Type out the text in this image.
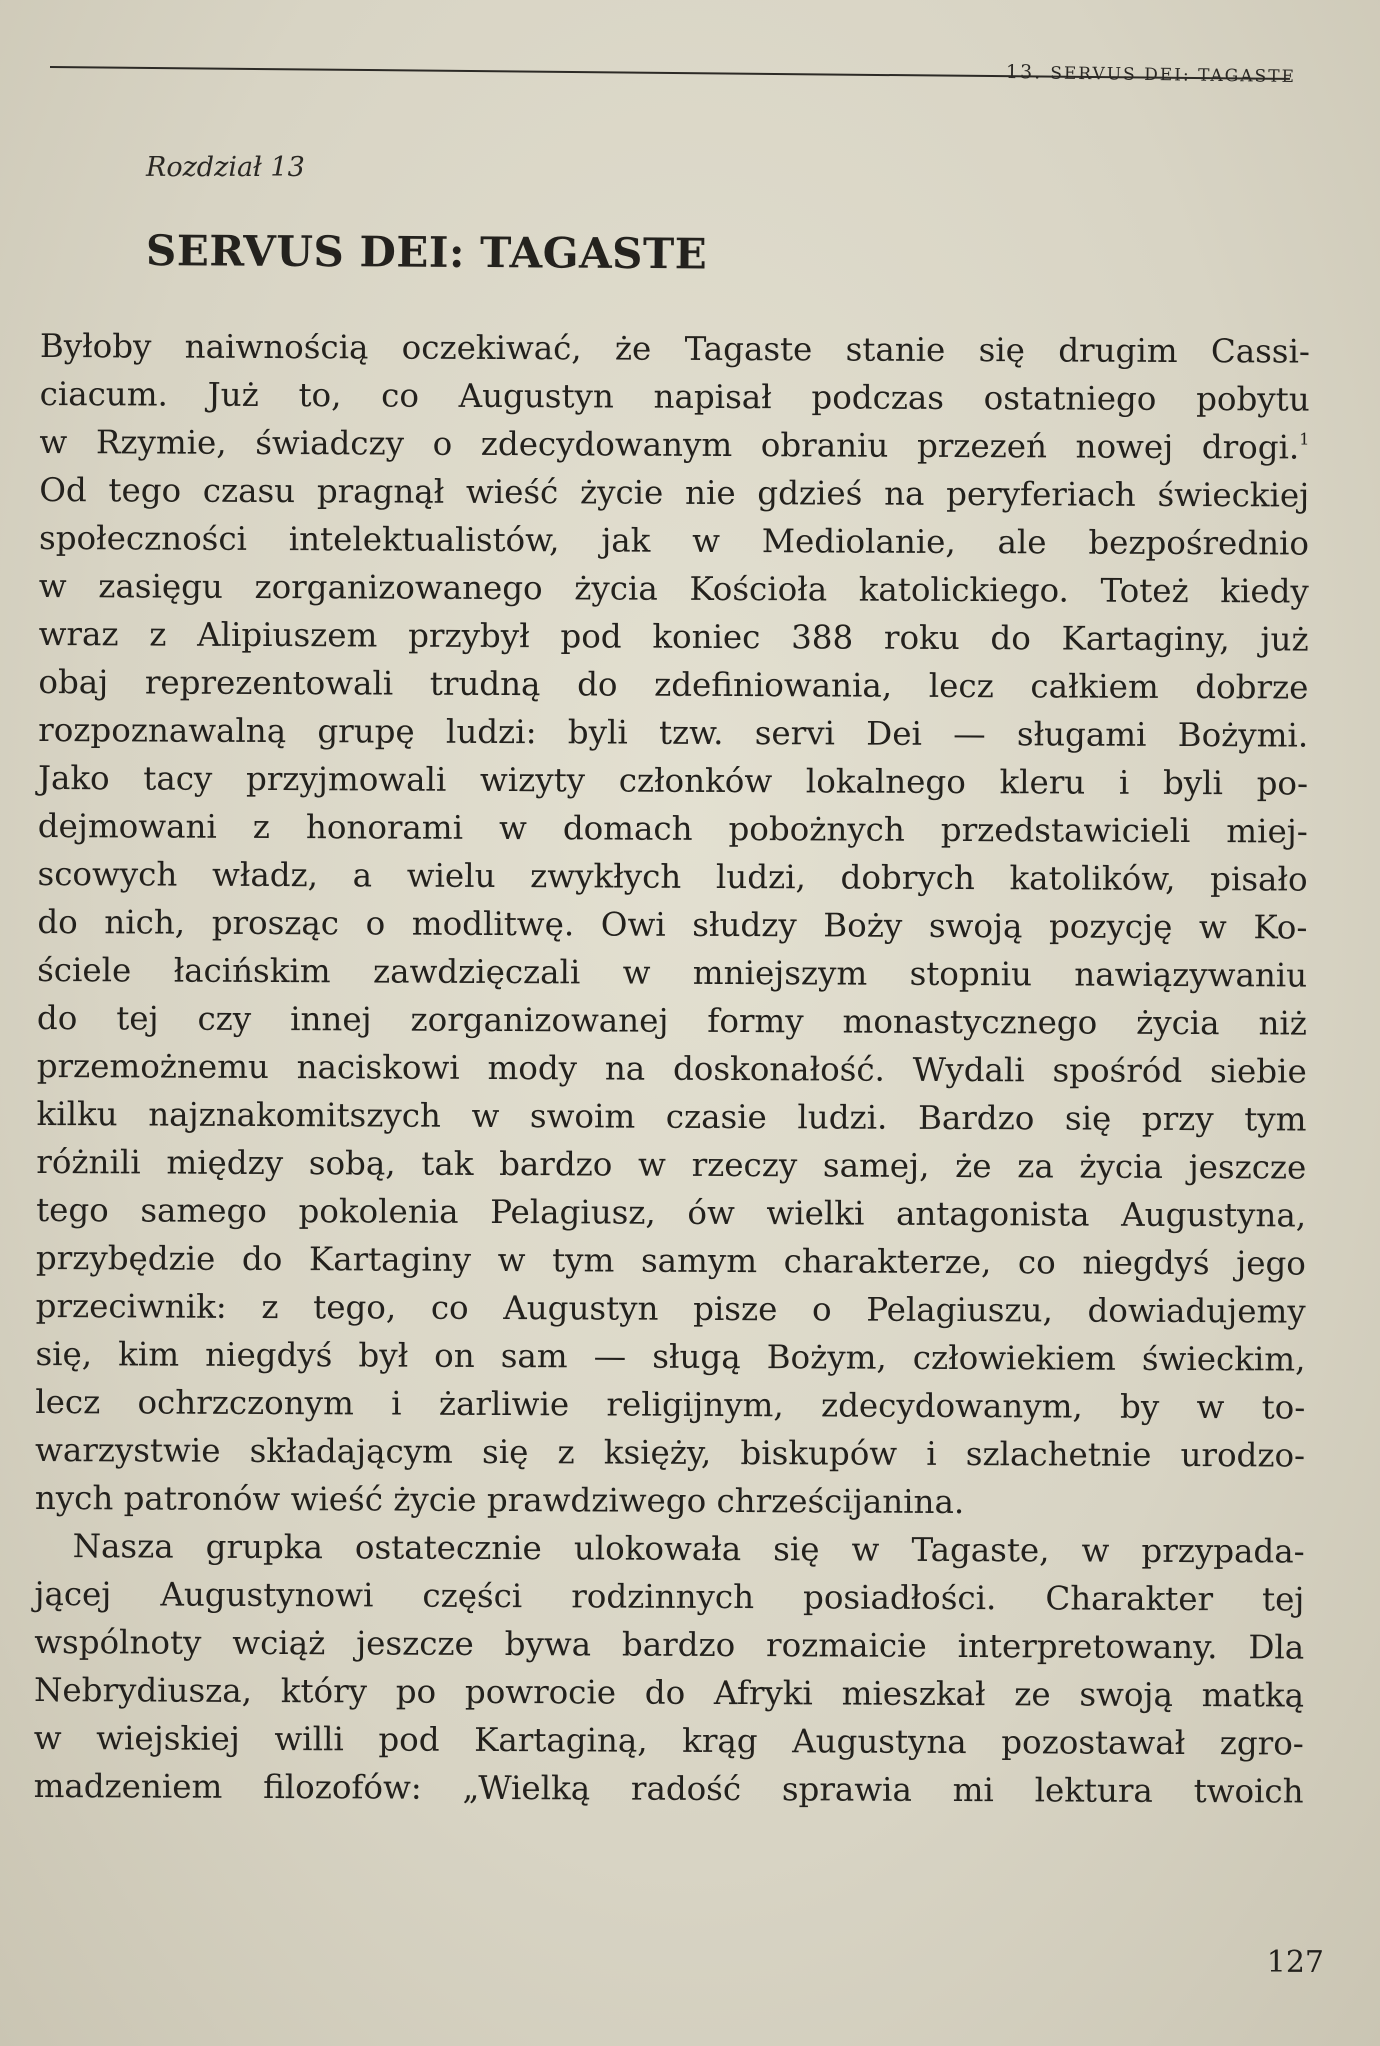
13. SERVUS DEI: TAGASTE
Rozdział 13
SERVUS DEI: TAGASTE
Byłoby naiwnością oczekiwać, że Tagaste stanie się drugim Cassi-
ciacum. Już to, co Augustyn napisał podczas ostatniego pobytu
w Rzymie, świadczy o zdecydowanym obraniu przezeń nowej drogi.$^1$
Od tego czasu pragnął wieść życie nie gdzieś na peryferiach świeckiej
społeczności intelektualistów, jak w Mediolanie, ale bezpośrednio
w zasięgu zorganizowanego życia Kościoła katolickiego. Toteż kiedy
wraz z Alipiuszem przybył pod koniec 388 roku do Kartaginy, już
obaj reprezentowali trudną do zdefiniowania, lecz całkiem dobrze
rozpoznawalną grupę ludzi: byli tzw. servi Dei — sługami Bożymi.
Jako tacy przyjmowali wizyty członków lokalnego kleru i byli po-
dejmowani z honorami w domach pobożnych przedstawicieli miej-
scowych władz, a wielu zwykłych ludzi, dobrych katolików, pisało
do nich, prosząc o modlitwę. Owi słudzy Boży swoją pozycję w Ko-
ściele łacińskim zawdzięczali w mniejszym stopniu nawiązywaniu
do tej czy innej zorganizowanej formy monastycznego życia niż
przemożnemu naciskowi mody na doskonałość. Wydali spośród siebie
kilku najznakomitszych w swoim czasie ludzi. Bardzo się przy tym
różnili między sobą, tak bardzo w rzeczy samej, że za życia jeszcze
tego samego pokolenia Pelagiusz, ów wielki antagonista Augustyna,
przybędzie do Kartaginy w tym samym charakterze, co niegdyś jego
przeciwnik: z tego, co Augustyn pisze o Pelagiuszu, dowiadujemy
się, kim niegdyś był on sam — sługą Bożym, człowiekiem świeckim,
lecz ochrzczonym i żarliwie religijnym, zdecydowanym, by w to-
warzystwie składającym się z księży, biskupów i szlachetnie urodzo-
nych patronów wieść życie prawdziwego chrześcijanina.
Nasza grupka ostatecznie ulokowała się w Tagaste, w przypada-
jącej Augustynowi części rodzinnych posiadłości. Charakter tej
wspólnoty wciąż jeszcze bywa bardzo rozmaicie interpretowany. Dla
Nebrydiusza, który po powrocie do Afryki mieszkał ze swoją matką
w wiejskiej willi pod Kartaginą, krąg Augustyna pozostawał zgro-
madzeniem filozofów: „Wielką radość sprawia mi lektura twoich
127
